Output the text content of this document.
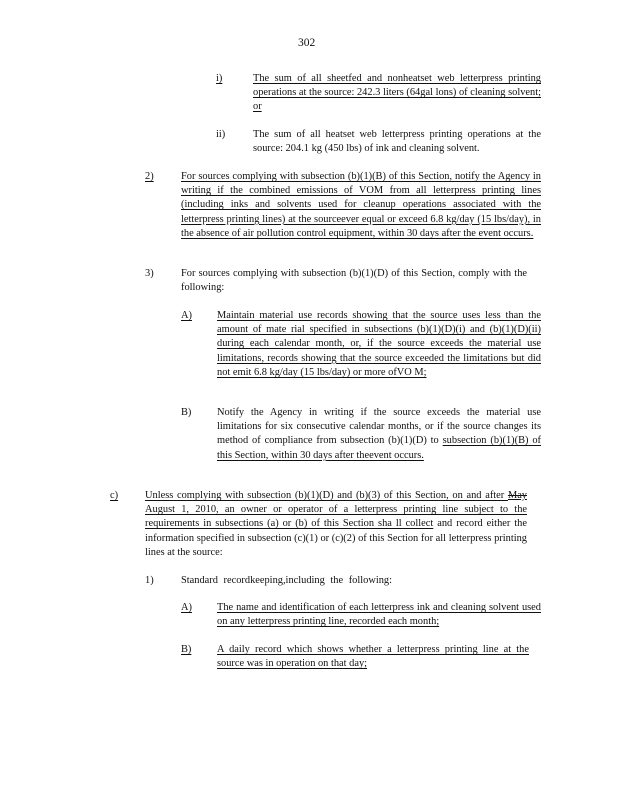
302
i)	The sum of all sheetfed and nonheatset web letterpress printing operations at the source: 242.3 liters (64gal lons) of cleaning solvent; or
ii)	The sum of all heatset web letterpress printing operations at the source: 204.1 kg (450 lbs) of ink and cleaning solvent.
2)	For sources complying with subsection (b)(1)(B) of this Section, notify the Agency in writing if the combined emissions of VOM from all letterpress printing lines (including inks and solvents used for cleanup operations associated with the letterpress printing lines) at the sourceever equal or exceed 6.8 kg/day (15 lbs/day), in the absence of air pollution control equipment, within 30 days after the event occurs.
3)	For sources complying with subsection (b)(1)(D) of this Section, comply with the following:
A) Maintain material use records showing that the source uses less than the amount of mate rial specified in subsections (b)(1)(D)(i) and (b)(1)(D)(ii) during each calendar month, or, if the source exceeds the material use limitations, records showing that the source exceeded the limitations but did not emit 6.8 kg/day (15 lbs/day) or more ofVO M;
B) Notify the Agency in writing if the source exceeds the material use limitations for six consecutive calendar months, or if the source changes its method of compliance from subsection (b)(1)(D) to subsection (b)(1)(B) of this Section, within 30 days after theevent occurs.
c)	Unless complying with subsection (b)(1)(D) and (b)(3) of this Section, on and after May August 1, 2010, an owner or operator of a letterpress printing line subject to the requirements in subsections (a) or (b) of this Section sha ll collect and record either the information specified in subsection (c)(1) or (c)(2) of this Section for all letterpress printing lines at the source:
1)	Standard recordkeeping,including the following:
A) The name and identification of each letterpress ink and cleaning solvent used on any letterpress printing line, recorded each month;
B) A daily record which shows whether a letterpress printing line at the source was in operation on that day;
